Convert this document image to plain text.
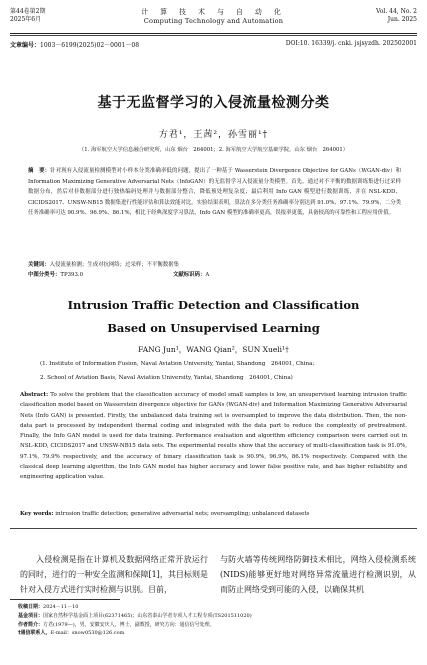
第44卷第2期
2025年6月
计 算 技 术 与 自 动 化
Computing Technology and Automation
Vol. 44, No. 2
Jun. 2025
文章编号：1003－6199(2025)02－0001－08	DOI:10. 16339/j. cnki. jsjsyzdh. 202502001
基于无监督学习的入侵流量检测分类
方君¹，王茜²，孙雪丽¹†
（1. 海军航空大学信息融合研究所，山东 烟台　264001；2. 海军航空大学航空基础学院，山东 烟台　264001）
摘　要：针对现有入侵流量检测模型对小样本分类准确率低的问题，提出了一种基于 Wasserstein Divergence Objective for GANs（WGAN-div）和 Information Maximizing Generative Adversarial Nets（InfoGAN）的无监督学习入侵流量分类模型。首先，通过对不平衡的数据训练集进行过采样数据分布，然后对非数据部分进行独热编码处理并与数据部分整合，降低预处理复杂度；最后利用 Info GAN 模型进行数据训练，并在 NSL-KDD、CICIDS2017、UNSW-NB15 数据集进行性能评估和算法效能对比。实验结果表明，算法在多分类任务准确率分别达到 91.0%、97.1%、79.9%，二分类任务准确率可达 90.9%、96.9%、86.1%，相比于经典深度学习算法，Info GAN 模型的准确率更高，误报率更低，具备较高的可靠性和工程应用价值。
关键词：入侵流量检测；生成对抗网络；过采样；不平衡数据集
中图分类号：TP393.0	文献标识码：A
Intrusion Traffic Detection and Classification
Based on Unsupervised Learning
FANG Jun¹，WANG Qian²，SUN Xueli¹†
(1. Institute of Information Fusion, Naval Aviation University, Yantai, Shandong　264001, China；
2. School of Aviation Basis, Naval Aviation University, Yantai, Shandong　264001, China)
Abstract: To solve the problem that the classification accuracy of model small samples is low, an unsupervised learning intrusion traffic classification model based on Wasserstein divergence objective for GANs (WGAN-div) and Information Maximizing Generative Adversarial Nets (Info GAN) is presented. Firstly, the unbalanced data training set is oversampled to improve the data distribution. Then, the non-data part is processed by independent thermal coding and integrated with the data part to reduce the complexity of pretreatment. Finally, the Info GAN model is used for data training. Performance evaluation and algorithm efficiency comparison were carried out in NSL-KDD, CICIDS2017 and UNSW-NB15 data sets. The experimental results show that the accuracy of multi-classification task is 91.0%, 97.1%, 79.9% respectively, and the accuracy of binary classification task is 90.9%, 96.9%, 86.1% respectively. Compared with the classical deep learning algorithm, the Info GAN model has higher accuracy and lower false positive rate, and has higher reliability and engineering application value.
Key words: intrusion traffic detection; generative adversarial nets; oversampling; unbalanced datasets
入侵检测是指在计算机及数据网络正常开放运行的同时，进行的一种安全监测和保障[1]，其目标则是针对入侵方式进行实时检测与识别。目前，
与防火墙等传统网络防御技术相比，网络入侵检测系统(NIDS)能够更好地对网络异常流量进行检测识别，从而防止网络受到可能的入侵，以确保其机
收稿日期：2024－11－10
基金项目：国家自然科学基金面上项目(62371465)；山东省泰山学者专项人才工程专项(TS201511020)
作者简介：方君(1979—)，男，安徽安庆人，博士，副教授，研究方向：通信信号处理。
†通信联系人，E-mail：snow0530@126.com
